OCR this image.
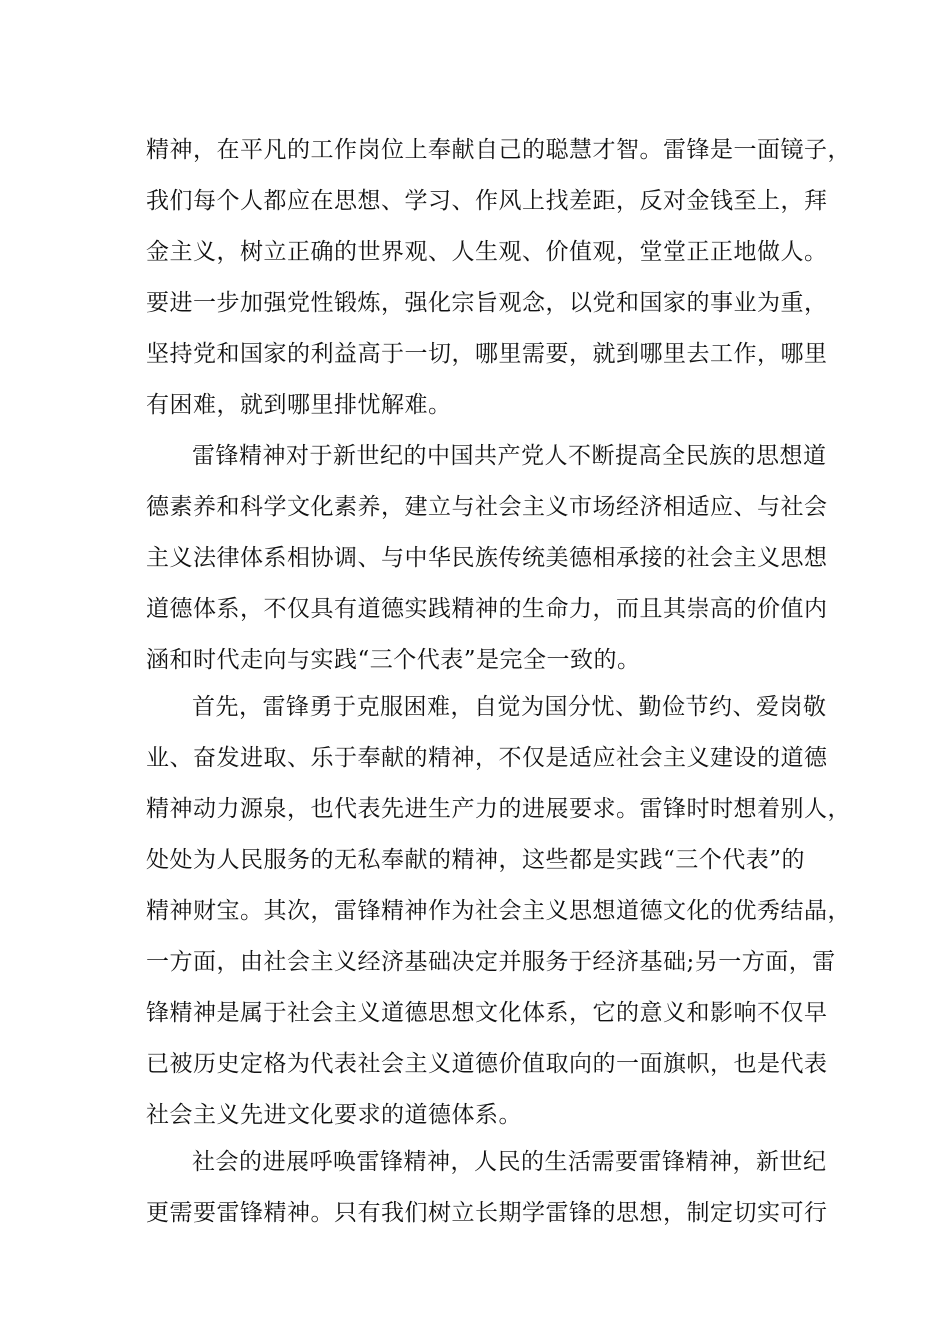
精神，在平凡的工作岗位上奉献自己的聪慧才智。雷锋是一面镜子，
我们每个人都应在思想、学习、作风上找差距，反对金钱至上，拜
金主义，树立正确的世界观、人生观、价值观，堂堂正正地做人。
要进一步加强党性锻炼，强化宗旨观念，以党和国家的事业为重，
坚持党和国家的利益高于一切，哪里需要，就到哪里去工作，哪里
有困难，就到哪里排忧解难。
雷锋精神对于新世纪的中国共产党人不断提高全民族的思想道
德素养和科学文化素养，建立与社会主义市场经济相适应、与社会
主义法律体系相协调、与中华民族传统美德相承接的社会主义思想
道德体系，不仅具有道德实践精神的生命力，而且其崇高的价值内
涵和时代走向与实践“三个代表”是完全一致的。
首先，雷锋勇于克服困难，自觉为国分忧、勤俭节约、爱岗敬
业、奋发进取、乐于奉献的精神，不仅是适应社会主义建设的道德
精神动力源泉，也代表先进生产力的进展要求。雷锋时时想着别人，
处处为人民服务的无私奉献的精神，这些都是实践“三个代表”的
精神财宝。其次，雷锋精神作为社会主义思想道德文化的优秀结晶，
一方面，由社会主义经济基础决定并服务于经济基础;另一方面，雷
锋精神是属于社会主义道德思想文化体系，它的意义和影响不仅早
已被历史定格为代表社会主义道德价值取向的一面旗帜，也是代表
社会主义先进文化要求的道德体系。
社会的进展呼唤雷锋精神，人民的生活需要雷锋精神，新世纪
更需要雷锋精神。只有我们树立长期学雷锋的思想，制定切实可行
